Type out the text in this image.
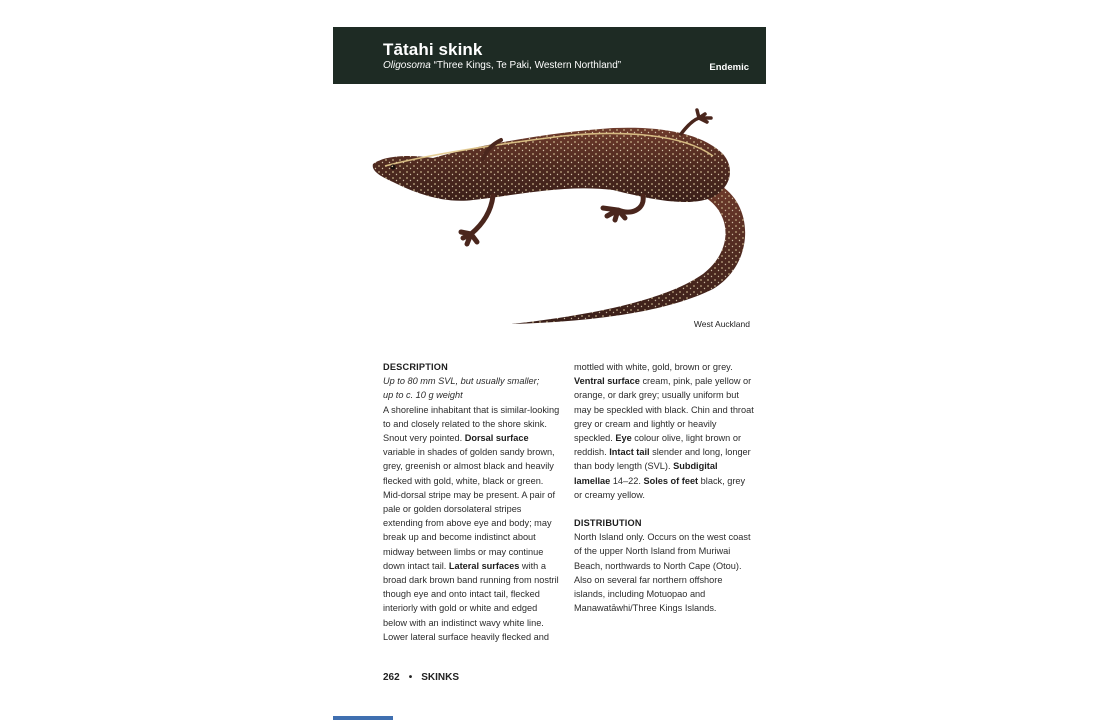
Tātahi skink
Oligosoma “Three Kings, Te Paki, Western Northland”	Endemic
West Auckland
DESCRIPTION
Up to 80 mm SVL, but usually smaller;
up to c. 10 g weight
A shoreline inhabitant that is similar-looking to and closely related to the shore skink. Snout very pointed. Dorsal surface variable in shades of golden sandy brown, grey, greenish or almost black and heavily flecked with gold, white, black or green. Mid-dorsal stripe may be present. A pair of pale or golden dorsolateral stripes extending from above eye and body; may break up and become indistinct about midway between limbs or may continue down intact tail. Lateral surfaces with a broad dark brown band running from nostril though eye and onto intact tail, flecked interiorly with gold or white and edged below with an indistinct wavy white line. Lower lateral surface heavily flecked and
mottled with white, gold, brown or grey. Ventral surface cream, pink, pale yellow or orange, or dark grey; usually uniform but may be speckled with black. Chin and throat grey or cream and lightly or heavily speckled. Eye colour olive, light brown or reddish. Intact tail slender and long, longer than body length (SVL). Subdigital lamellae 14–22. Soles of feet black, grey or creamy yellow.
DISTRIBUTION
North Island only. Occurs on the west coast of the upper North Island from Muriwai Beach, northwards to North Cape (Otou). Also on several far northern offshore islands, including Motuopao and Manawatāwhi/Three Kings Islands.
262 • SKINKS
